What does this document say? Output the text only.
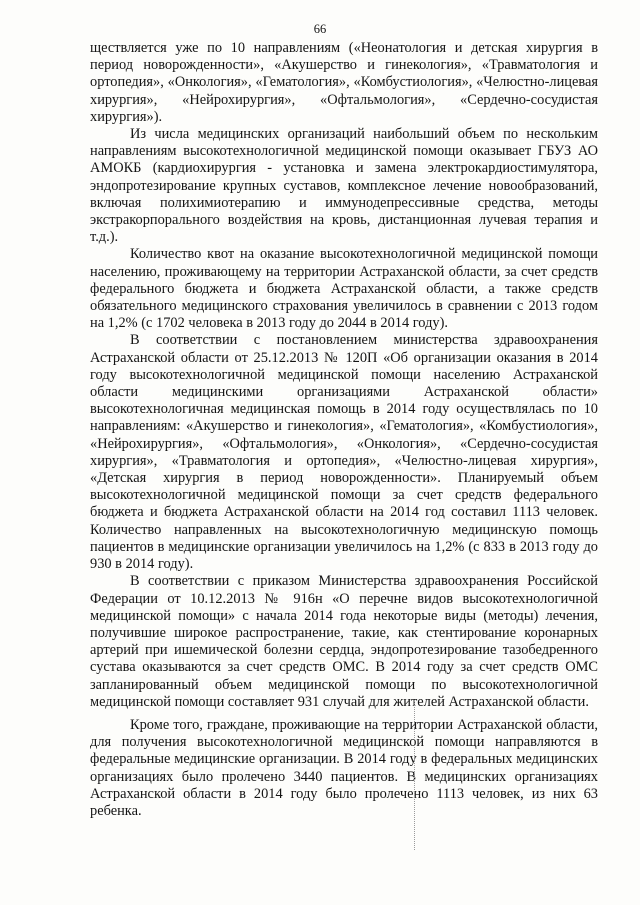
66

ществляется уже по 10 направлениям («Неонатология и детская хирургия в период новорожденности», «Акушерство и гинекология», «Травматология и ортопедия», «Онкология», «Гематология», «Комбустиология», «Челюстно-лицевая хирургия», «Нейрохирургия», «Офтальмология», «Сердечно-сосудистая хирургия»).

Из числа медицинских организаций наибольший объем по нескольким направлениям высокотехнологичной медицинской помощи оказывает ГБУЗ АО АМОКБ (кардиохирургия - установка и замена электрокардиостимулятора, эндопротезирование крупных суставов, комплексное лечение новообразований, включая полихимиотерапию и иммунодепрессивные средства, методы экстракорпорального воздействия на кровь, дистанционная лучевая терапия и т.д.).

Количество квот на оказание высокотехнологичной медицинской помощи населению, проживающему на территории Астраханской области, за счет средств федерального бюджета и бюджета Астраханской области, а также средств обязательного медицинского страхования увеличилось в сравнении с 2013 годом на 1,2% (с 1702 человека в 2013 году до 2044 в 2014 году).

В соответствии с постановлением министерства здравоохранения Астраханской области от 25.12.2013 № 120П «Об организации оказания в 2014 году высокотехнологичной медицинской помощи населению Астраханской области медицинскими организациями Астраханской области» высокотехнологичная медицинская помощь в 2014 году осуществлялась по 10 направлениям: «Акушерство и гинекология», «Гематология», «Комбустиология», «Нейрохирургия», «Офтальмология», «Онкология», «Сердечно-сосудистая хирургия», «Травматология и ортопедия», «Челюстно-лицевая хирургия», «Детская хирургия в период новорожденности». Планируемый объем высокотехнологичной медицинской помощи за счет средств федерального бюджета и бюджета Астраханской области на 2014 год составил 1113 человек. Количество направленных на высокотехнологичную медицинскую помощь пациентов в медицинские организации увеличилось на 1,2% (с 833 в 2013 году до 930 в 2014 году).

В соответствии с приказом Министерства здравоохранения Российской Федерации от 10.12.2013 № 916н «О перечне видов высокотехнологичной медицинской помощи» с начала 2014 года некоторые виды (методы) лечения, получившие широкое распространение, такие, как стентирование коронарных артерий при ишемической болезни сердца, эндопротезирование тазобедренного сустава оказываются за счет средств ОМС. В 2014 году за счет средств ОМС запланированный объем медицинской помощи по высокотехнологичной медицинской помощи составляет 931 случай для жителей Астраханской области.

Кроме того, граждане, проживающие на территории Астраханской области, для получения высокотехнологичной медицинской помощи направляются в федеральные медицинские организации. В 2014 году в федеральных медицинских организациях было пролечено 3440 пациентов. В медицинских организациях Астраханской области в 2014 году было пролечено 1113 человек, из них 63 ребенка.
